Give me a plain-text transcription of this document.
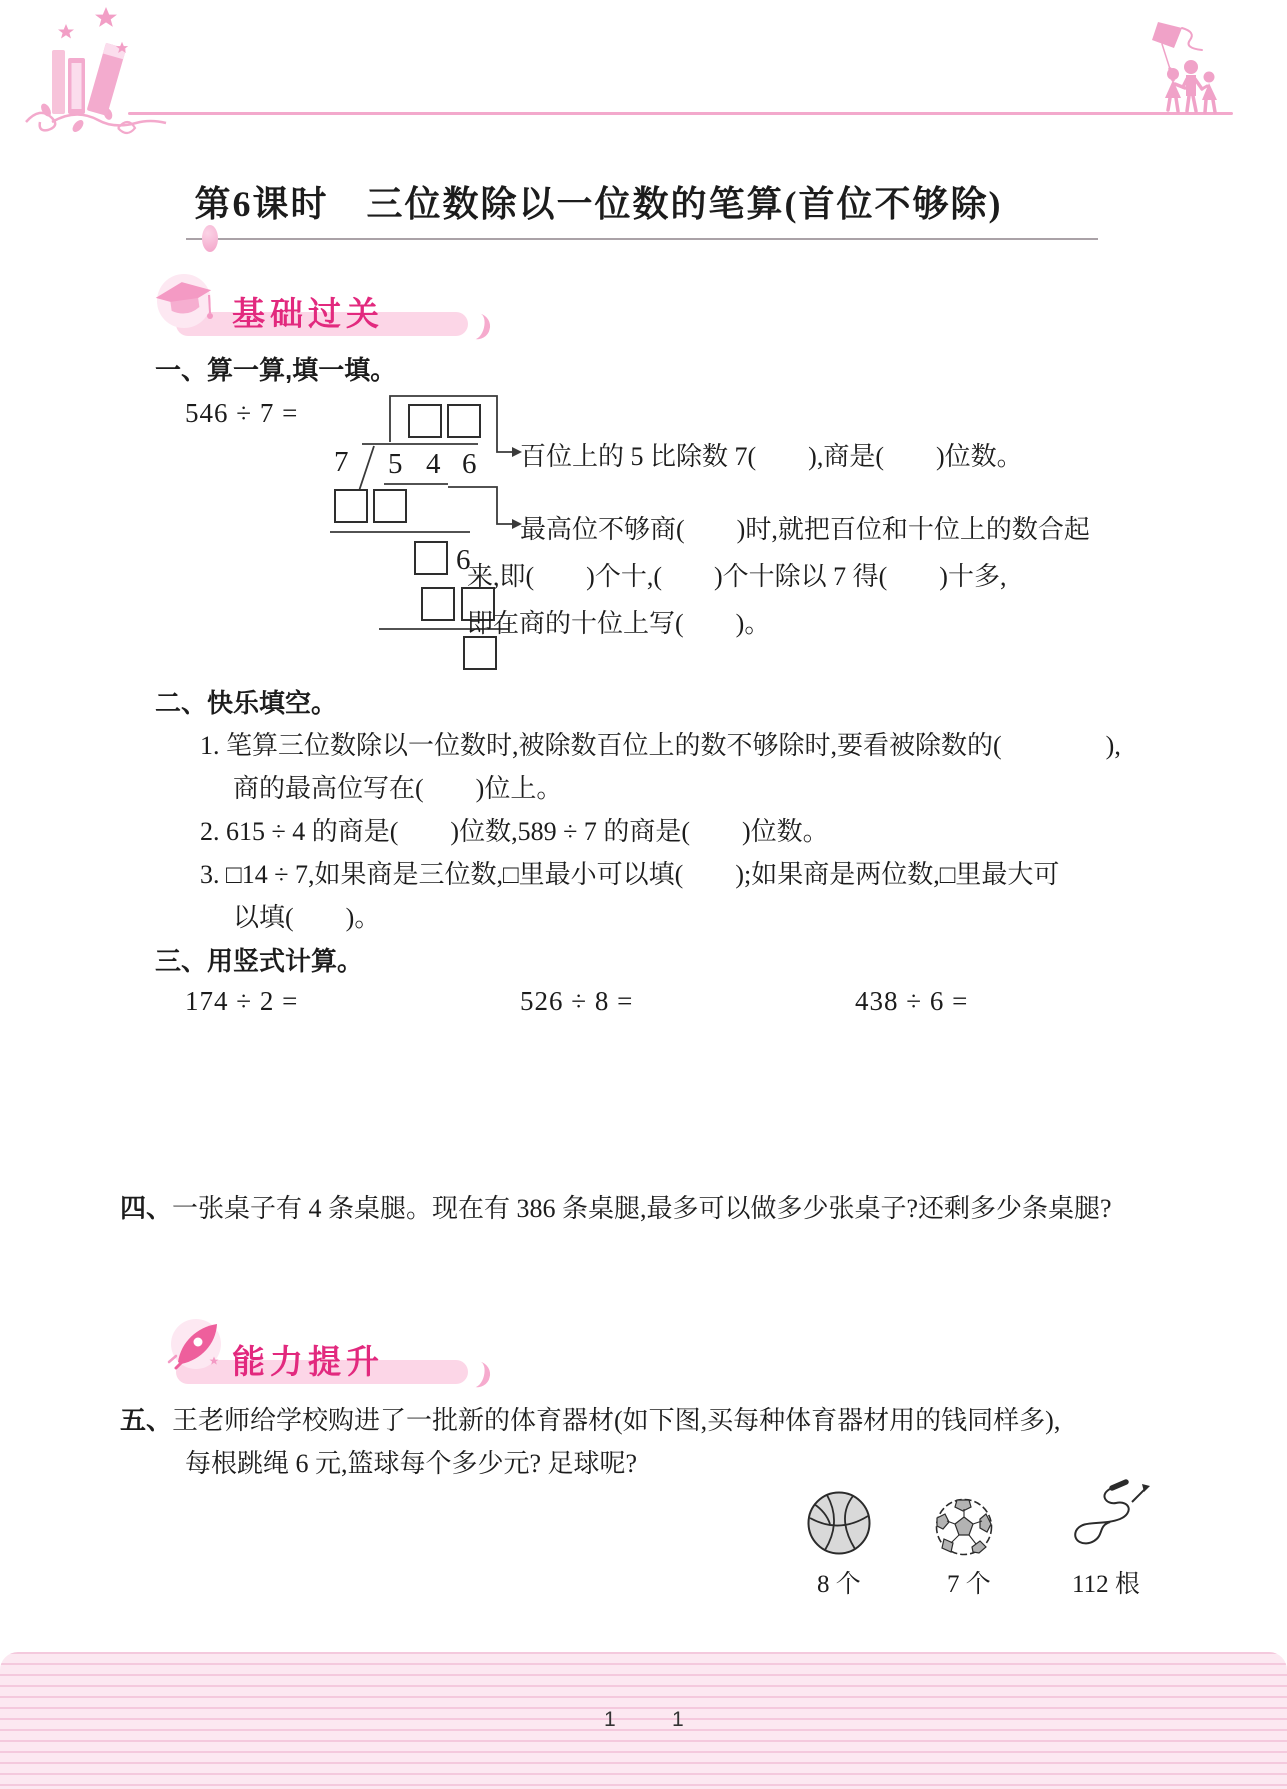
第6课时　三位数除以一位数的笔算(首位不够除)
基础过关
一、算一算,填一填。
546 ÷ 7 =
7 5 4 6
6
百位上的 5 比除数 7(　　),商是(　　)位数。
最高位不够商(　　)时,就把百位和十位上的数合起
来,即(　　)个十,(　　)个十除以 7 得(　　)十多,
即在商的十位上写(　　)。
二、快乐填空。
1. 笔算三位数除以一位数时,被除数百位上的数不够除时,要看被除数的(　　　　),
商的最高位写在(　　)位上。
2. 615 ÷ 4 的商是(　　)位数,589 ÷ 7 的商是(　　)位数。
3. □14 ÷ 7,如果商是三位数,□里最小可以填(　　);如果商是两位数,□里最大可
以填(　　)。
三、用竖式计算。
174 ÷ 2 =	526 ÷ 8 =	438 ÷ 6 =
四、一张桌子有 4 条桌腿。现在有 386 条桌腿,最多可以做多少张桌子?还剩多少条桌腿?
能力提升
五、王老师给学校购进了一批新的体育器材(如下图,买每种体育器材用的钱同样多),
每根跳绳 6 元,篮球每个多少元? 足球呢?
8 个	7 个	112 根
1	1
